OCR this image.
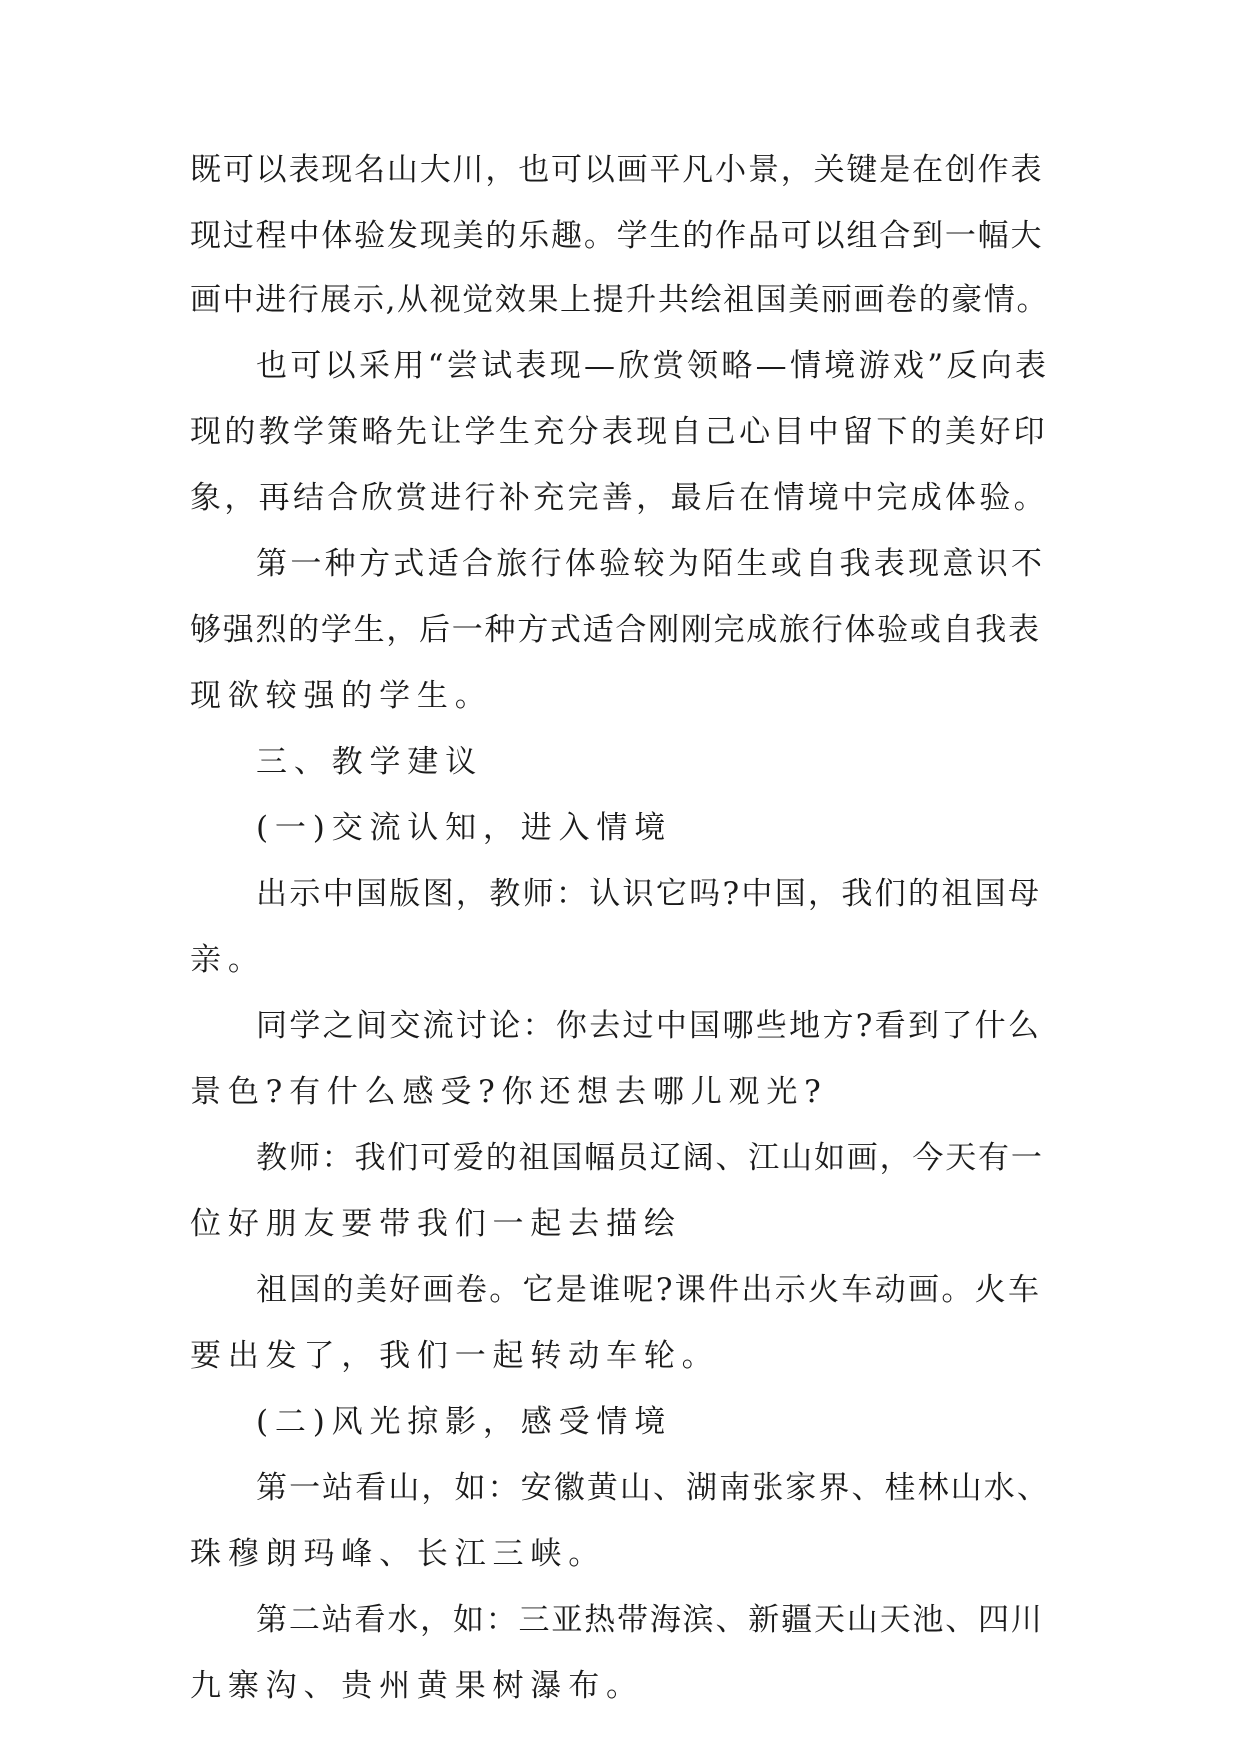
既可以表现名山大川，也可以画平凡小景，关键是在创作表
现过程中体验发现美的乐趣。学生的作品可以组合到一幅大
画中进行展示,从视觉效果上提升共绘祖国美丽画卷的豪情。
也可以采用“尝试表现—欣赏领略—情境游戏”反向表
现的教学策略先让学生充分表现自己心目中留下的美好印
象，再结合欣赏进行补充完善，最后在情境中完成体验。
第一种方式适合旅行体验较为陌生或自我表现意识不
够强烈的学生，后一种方式适合刚刚完成旅行体验或自我表
现欲较强的学生。
三、教学建议
(一)交流认知，进入情境
出示中国版图，教师：认识它吗?中国，我们的祖国母
亲。
同学之间交流讨论：你去过中国哪些地方?看到了什么
景色?有什么感受?你还想去哪儿观光?
教师：我们可爱的祖国幅员辽阔、江山如画，今天有一
位好朋友要带我们一起去描绘
祖国的美好画卷。它是谁呢?课件出示火车动画。火车
要出发了，我们一起转动车轮。
(二)风光掠影，感受情境
第一站看山，如：安徽黄山、湖南张家界、桂林山水、
珠穆朗玛峰、长江三峡。
第二站看水，如：三亚热带海滨、新疆天山天池、四川
九寨沟、贵州黄果树瀑布。
